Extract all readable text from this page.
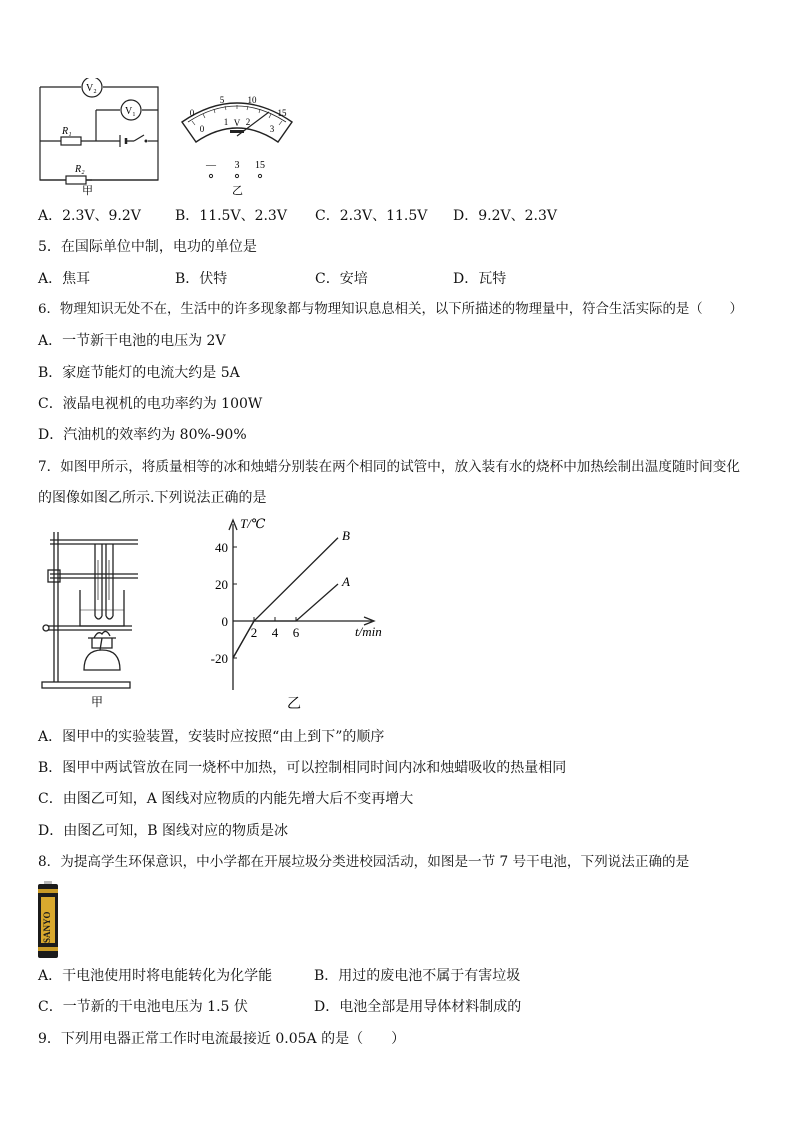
V₂
V₁
R₁
R₂
甲
0
5	10
15
0
1 2
3
V
— 3 15
乙
A．2.3V、9.2V B．11.5V、2.3V C．2.3V、11.5V D．9.2V、2.3V
5．在国际单位中制，电功的单位是
A．焦耳	B．伏特	C．安培	D．瓦特
6．物理知识无处不在，生活中的许多现象都与物理知识息息相关，以下所描述的物理量中，符合生活实际的是（　　）
A．一节新干电池的电压为 2V
B．家庭节能灯的电流大约是 5A
C．液晶电视机的电功率约为 100W
D．汽油机的效率约为 80%-90%
7．如图甲所示，将质量相等的冰和烛蜡分别装在两个相同的试管中，放入装有水的烧杯中加热绘制出温度随时间变化
的图像如图乙所示.下列说法正确的是
甲
T/℃
t/min
40
20
0
-20
2 4 6
B
A
乙
A．图甲中的实验装置，安装时应按照“由上到下”的顺序
B．图甲中两试管放在同一烧杯中加热，可以控制相同时间内冰和烛蜡吸收的热量相同
C．由图乙可知，A 图线对应物质的内能先增大后不变再增大
D．由图乙可知，B 图线对应的物质是冰
8．为提高学生环保意识，中小学都在开展垃圾分类进校园活动，如图是一节 7 号干电池，下列说法正确的是
SANYO
A．干电池使用时将电能转化为化学能	B．用过的废电池不属于有害垃圾
C．一节新的干电池电压为 1.5 伏	D．电池全部是用导体材料制成的
9．下列用电器正常工作时电流最接近 0.05A 的是（　　）
